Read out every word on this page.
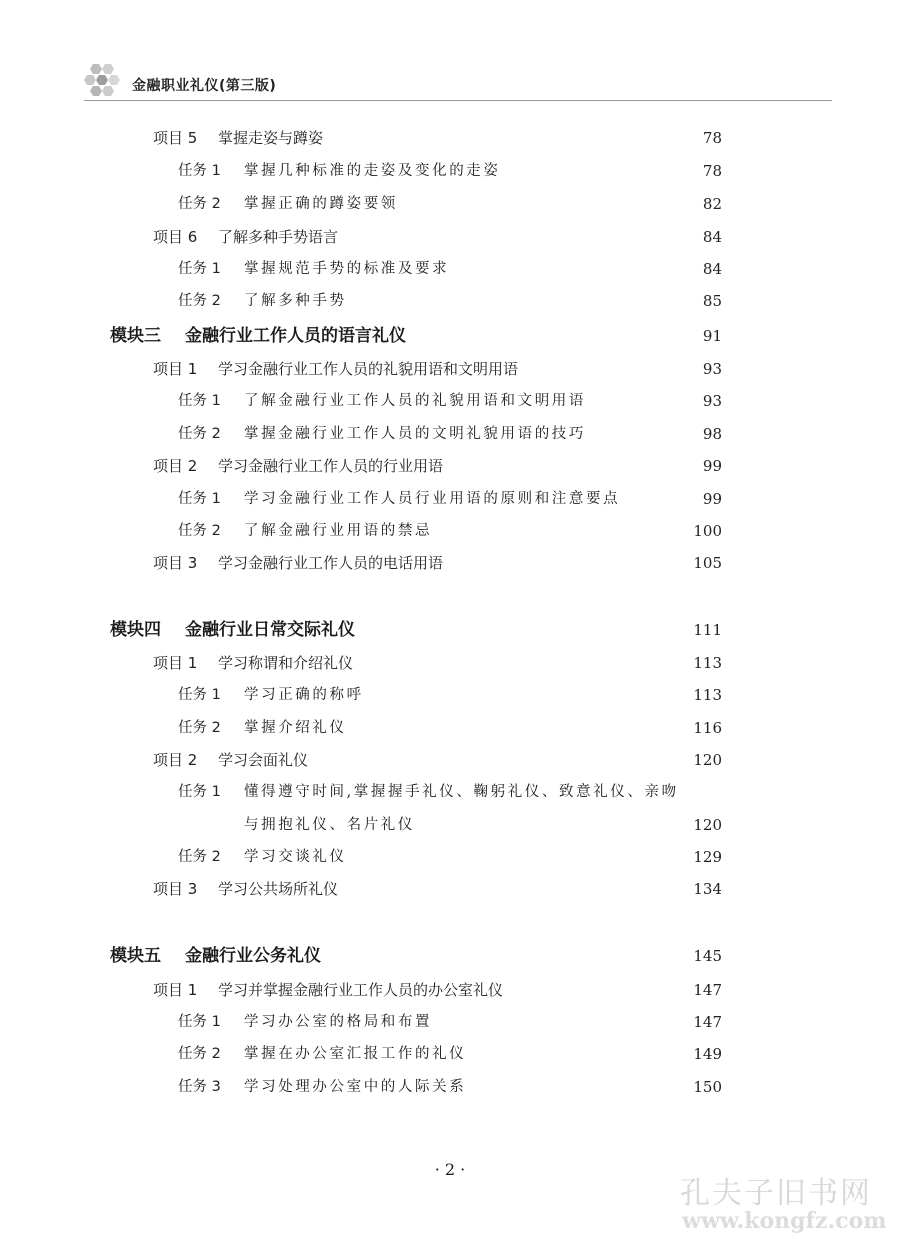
金融职业礼仪(第三版)
项目 5 掌握走姿与蹲姿	78
任务 1 掌握几种标准的走姿及变化的走姿	78
任务 2 掌握正确的蹲姿要领	82
项目 6 了解多种手势语言	84
任务 1 掌握规范手势的标准及要求	84
任务 2 了解多种手势	85
模块三 金融行业工作人员的语言礼仪	91
项目 1 学习金融行业工作人员的礼貌用语和文明用语	93
任务 1 了解金融行业工作人员的礼貌用语和文明用语	93
任务 2 掌握金融行业工作人员的文明礼貌用语的技巧	98
项目 2 学习金融行业工作人员的行业用语	99
任务 1 学习金融行业工作人员行业用语的原则和注意要点	99
任务 2 了解金融行业用语的禁忌	100
项目 3 学习金融行业工作人员的电话用语	105
模块四 金融行业日常交际礼仪	111
项目 1 学习称谓和介绍礼仪	113
任务 1 学习正确的称呼	113
任务 2 掌握介绍礼仪	116
项目 2 学习会面礼仪	120
任务 1 懂得遵守时间,掌握握手礼仪、鞠躬礼仪、致意礼仪、亲吻
与拥抱礼仪、名片礼仪	120
任务 2 学习交谈礼仪	129
项目 3 学习公共场所礼仪	134
模块五 金融行业公务礼仪	145
项目 1 学习并掌握金融行业工作人员的办公室礼仪	147
任务 1 学习办公室的格局和布置	147
任务 2 掌握在办公室汇报工作的礼仪	149
任务 3 学习处理办公室中的人际关系	150
· 2 ·
孔夫子旧书网
www.kongfz.com
